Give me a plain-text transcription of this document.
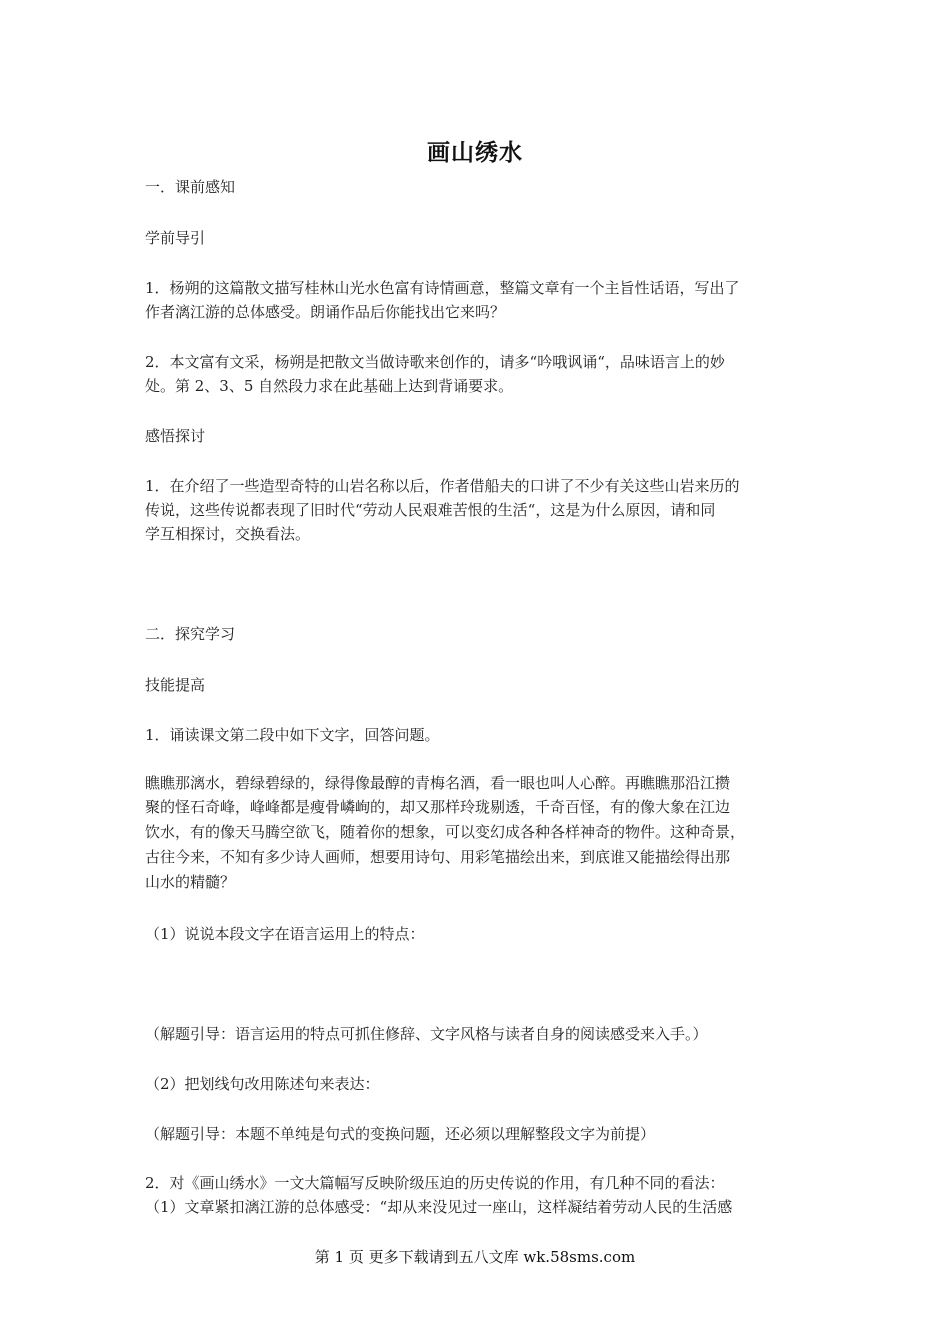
画山绣水
一．课前感知
学前导引
1．杨朔的这篇散文描写桂林山光水色富有诗情画意，整篇文章有一个主旨性话语，写出了
作者漓江游的总体感受。朗诵作品后你能找出它来吗？
2．本文富有文采，杨朔是把散文当做诗歌来创作的，请多“吟哦讽诵“，品味语言上的妙
处。第 2、3、5 自然段力求在此基础上达到背诵要求。
感悟探讨
1．在介绍了一些造型奇特的山岩名称以后，作者借船夫的口讲了不少有关这些山岩来历的
传说，这些传说都表现了旧时代“劳动人民艰难苦恨的生活“，这是为什么原因，请和同
学互相探讨，交换看法。
二．探究学习
技能提高
1．诵读课文第二段中如下文字，回答问题。
瞧瞧那漓水，碧绿碧绿的，绿得像最醇的青梅名酒，看一眼也叫人心醉。再瞧瞧那沿江攒
聚的怪石奇峰，峰峰都是瘦骨嶙峋的，却又那样玲珑剔透，千奇百怪，有的像大象在江边
饮水，有的像天马腾空欲飞，随着你的想象，可以变幻成各种各样神奇的物件。这种奇景，
古往今来，不知有多少诗人画师，想要用诗句、用彩笔描绘出来，到底谁又能描绘得出那
山水的精髓？
（1）说说本段文字在语言运用上的特点：
（解题引导：语言运用的特点可抓住修辞、文字风格与读者自身的阅读感受来入手。）
（2）把划线句改用陈述句来表达：
（解题引导：本题不单纯是句式的变换问题，还必须以理解整段文字为前提）
2．对《画山绣水》一文大篇幅写反映阶级压迫的历史传说的作用，有几种不同的看法：
（1）文章紧扣漓江游的总体感受：“却从来没见过一座山，这样凝结着劳动人民的生活感
第 1 页 更多下载请到五八文库 wk.58sms.com
